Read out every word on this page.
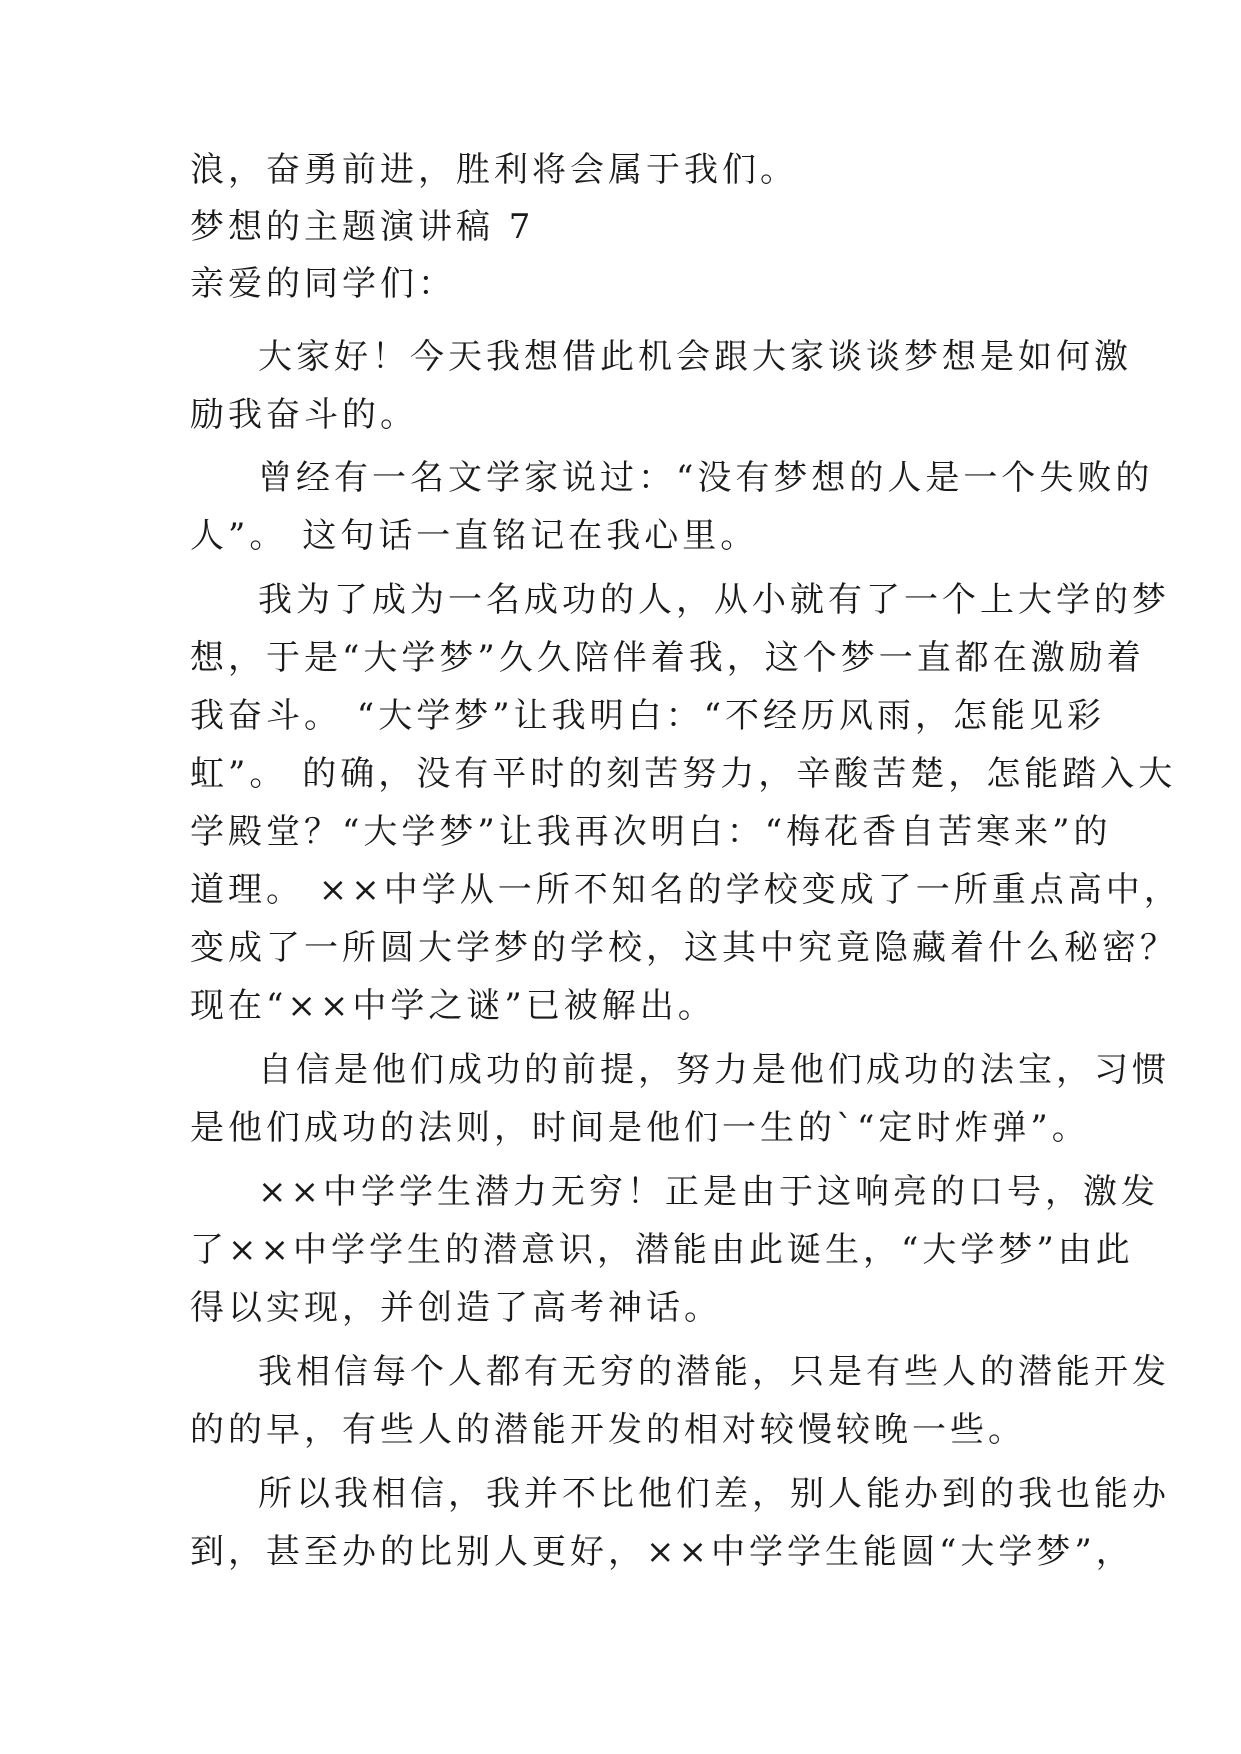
浪，奋勇前进，胜利将会属于我们。
梦想的主题演讲稿 7
亲爱的同学们：
大家好！今天我想借此机会跟大家谈谈梦想是如何激
励我奋斗的。
曾经有一名文学家说过：“没有梦想的人是一个失败的
人”。 这句话一直铭记在我心里。
我为了成为一名成功的人，从小就有了一个上大学的梦
想，于是“大学梦”久久陪伴着我，这个梦一直都在激励着
我奋斗。 “大学梦”让我明白：“不经历风雨，怎能见彩
虹”。 的确，没有平时的刻苦努力，辛酸苦楚，怎能踏入大
学殿堂？“大学梦”让我再次明白：“梅花香自苦寒来”的
道理。 ××中学从一所不知名的学校变成了一所重点高中，
变成了一所圆大学梦的学校，这其中究竟隐藏着什么秘密？
现在“××中学之谜”已被解出。
自信是他们成功的前提，努力是他们成功的法宝，习惯
是他们成功的法则，时间是他们一生的`“定时炸弹”。
××中学学生潜力无穷！正是由于这响亮的口号，激发
了××中学学生的潜意识，潜能由此诞生，“大学梦”由此
得以实现，并创造了高考神话。
我相信每个人都有无穷的潜能，只是有些人的潜能开发
的的早，有些人的潜能开发的相对较慢较晚一些。
所以我相信，我并不比他们差，别人能办到的我也能办
到，甚至办的比别人更好，××中学学生能圆“大学梦”，
